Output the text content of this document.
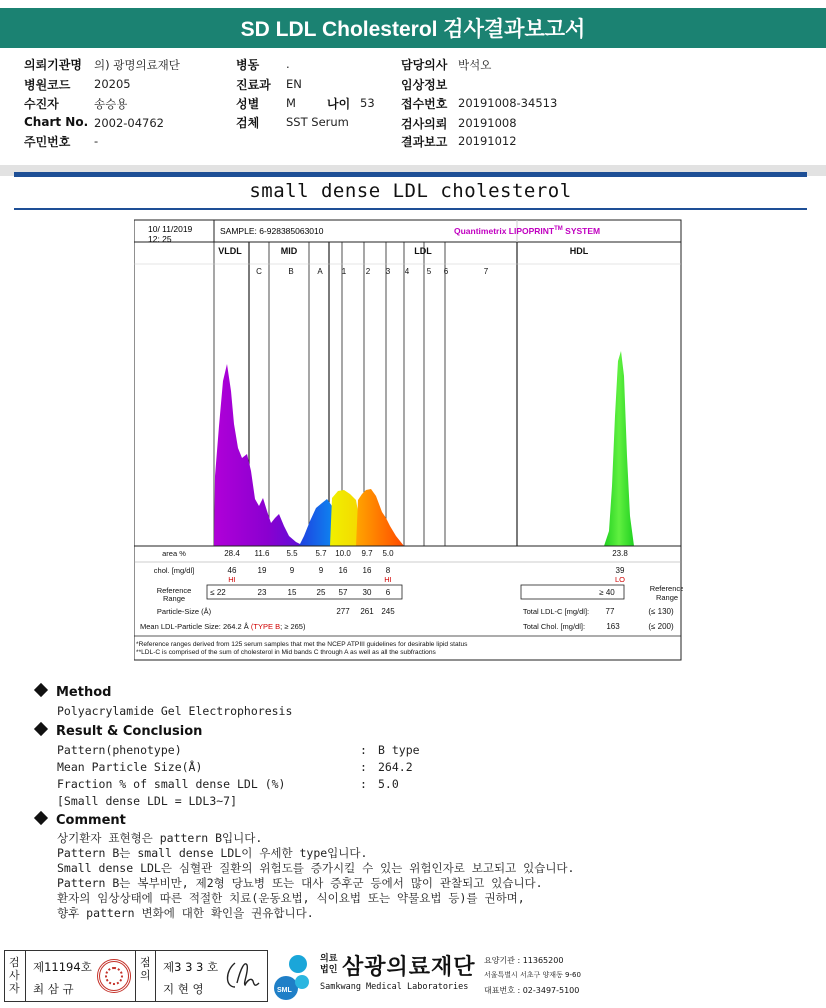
SD LDL Cholesterol 검사결과보고서
의뢰기관명 의) 광명의료재단	병동 .	담당의사 박석오
병원코드 20205	진료과 EN	임상정보
수진자	송승용	성별 M	나이 53 접수번호 20191008-34513
Chart No. 2002-04762	검체 SST Serum	검사의뢰 20191008
주민번호 -	결과보고 20191012
small dense LDL cholesterol
10/ 11/2019
12: 25
SAMPLE: 6-928385063010	Quantimetrix LIPOPRINT™ SYSTEM
VLDL	MID	LDL	HDL
C	B	A 1 2 3 4 5 6	7
area %	28.4 11.6 5.5 5.7 10.0 9.7 5.0	23.8
chol. [mg/dl]	46	19	9	9 16 16 8	39
HI	HI	LO
Reference
Range
≤ 22	23	15	25 57 30 6	≥ 40	Reference
Range
Particle-Size (Å)	277 261 245	Total LDL-C [mg/dl]: 77	(≤ 130)
Mean LDL-Particle Size: 264.2 Å (TYPE B; ≥ 265)	Total Chol. [mg/dl]:	163	(≤ 200)
*Reference ranges derived from 125 serum samples that met the NCEP ATPIII guidelines for desirable lipid status
**LDL-C is comprised of the sum of cholesterol in Mid bands C through A as well as all the subfractions
Method
Polyacrylamide Gel Electrophoresis
Result & Conclusion
Pattern(phenotype)	: B type
Mean Particle Size(Å)	: 264.2
Fraction % of small dense LDL (%)	: 5.0
[Small dense LDL = LDL3~7]
Comment
상기환자 표현형은 pattern B입니다.
Pattern B는 small dense LDL이 우세한 type입니다.
Small dense LDL은 심혈관 질환의 위험도를 증가시킬 수 있는 위험인자로 보고되고 있습니다.
Pattern B는 복부비만, 제2형 당뇨병 또는 대사 증후군 등에서 많이 관찰되고 있습니다.
환자의 임상상태에 따른 적절한 치료(운동요법, 식이요법 또는 약물요법 등)를 권하며,
향후 pattern 변화에 대한 확인을 권유합니다.
검사자
제11194호
최 삼 규
점의
제3 3 3 호
지 현 영	SML
의료
법인 삼광의료재단
Samkwang Medical Laboratories
요양기관 : 11365200
서울특별시 서초구 양재동 9-60
대표번호 : 02-3497-5100
